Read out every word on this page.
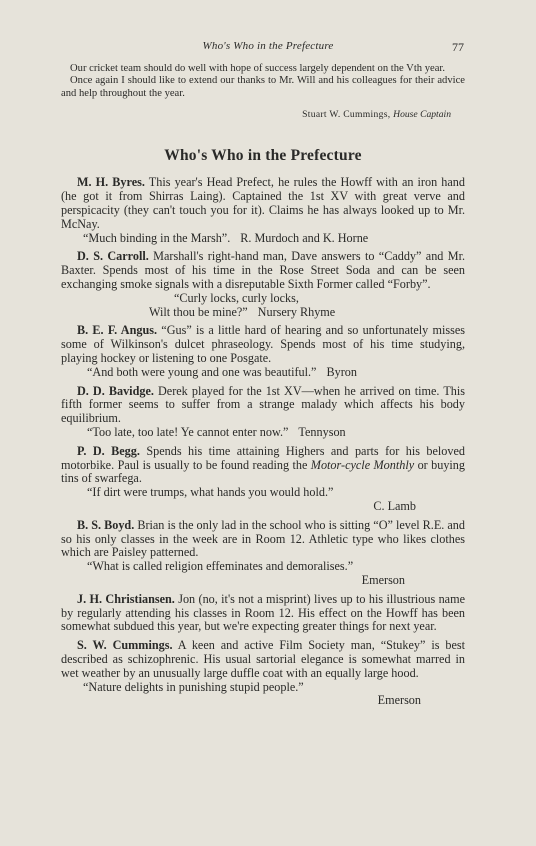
Who's Who in the Prefecture	77

Our cricket team should do well with hope of success largely dependent on the Vth year.

Once again I should like to extend our thanks to Mr. Will and his colleagues for their advice and help throughout the year.

Stuart W. Cummings, House Captain
Who's Who in the Prefecture

M. H. Byres. This year's Head Prefect, he rules the Howff with an iron hand (he got it from Shirras Laing). Captained the 1st XV with great verve and perspicacity (they can't touch you for it). Claims he has always looked up to Mr. McNay.

“Much binding in the Marsh”. R. Murdoch and K. Horne

D. S. Carroll. Marshall's right-hand man, Dave answers to “Caddy” and Mr. Baxter. Spends most of his time in the Rose Street Soda and can be seen exchanging smoke signals with a disreputable Sixth Former called “Forby”.

“Curly locks, curly locks,

Wilt thou be mine?” Nursery Rhyme

B. E. F. Angus. “Gus” is a little hard of hearing and so unfortunately misses some of Wilkinson's dulcet phraseology. Spends most of his time studying, playing hockey or listening to one Posgate.

“And both were young and one was beautiful.” Byron

D. D. Bavidge. Derek played for the 1st XV—when he arrived on time. This fifth former seems to suffer from a strange malady which affects his body equilibrium.

“Too late, too late! Ye cannot enter now.” Tennyson

P. D. Begg. Spends his time attaining Highers and parts for his beloved motorbike. Paul is usually to be found reading the Motor-cycle Monthly or buying tins of swarfega.

“If dirt were trumps, what hands you would hold.”

C. Lamb

B. S. Boyd. Brian is the only lad in the school who is sitting “O” level R.E. and so his only classes in the week are in Room 12. Athletic type who likes clothes which are Paisley patterned.

“What is called religion effeminates and demoralises.”

Emerson

J. H. Christiansen. Jon (no, it's not a misprint) lives up to his illustrious name by regularly attending his classes in Room 12. His effect on the Howff has been somewhat subdued this year, but we're expecting greater things for next year.

S. W. Cummings. A keen and active Film Society man, “Stukey” is best described as schizophrenic. His usual sartorial elegance is somewhat marred in wet weather by an unusually large duffle coat with an equally large hood.

“Nature delights in punishing stupid people.”

Emerson
